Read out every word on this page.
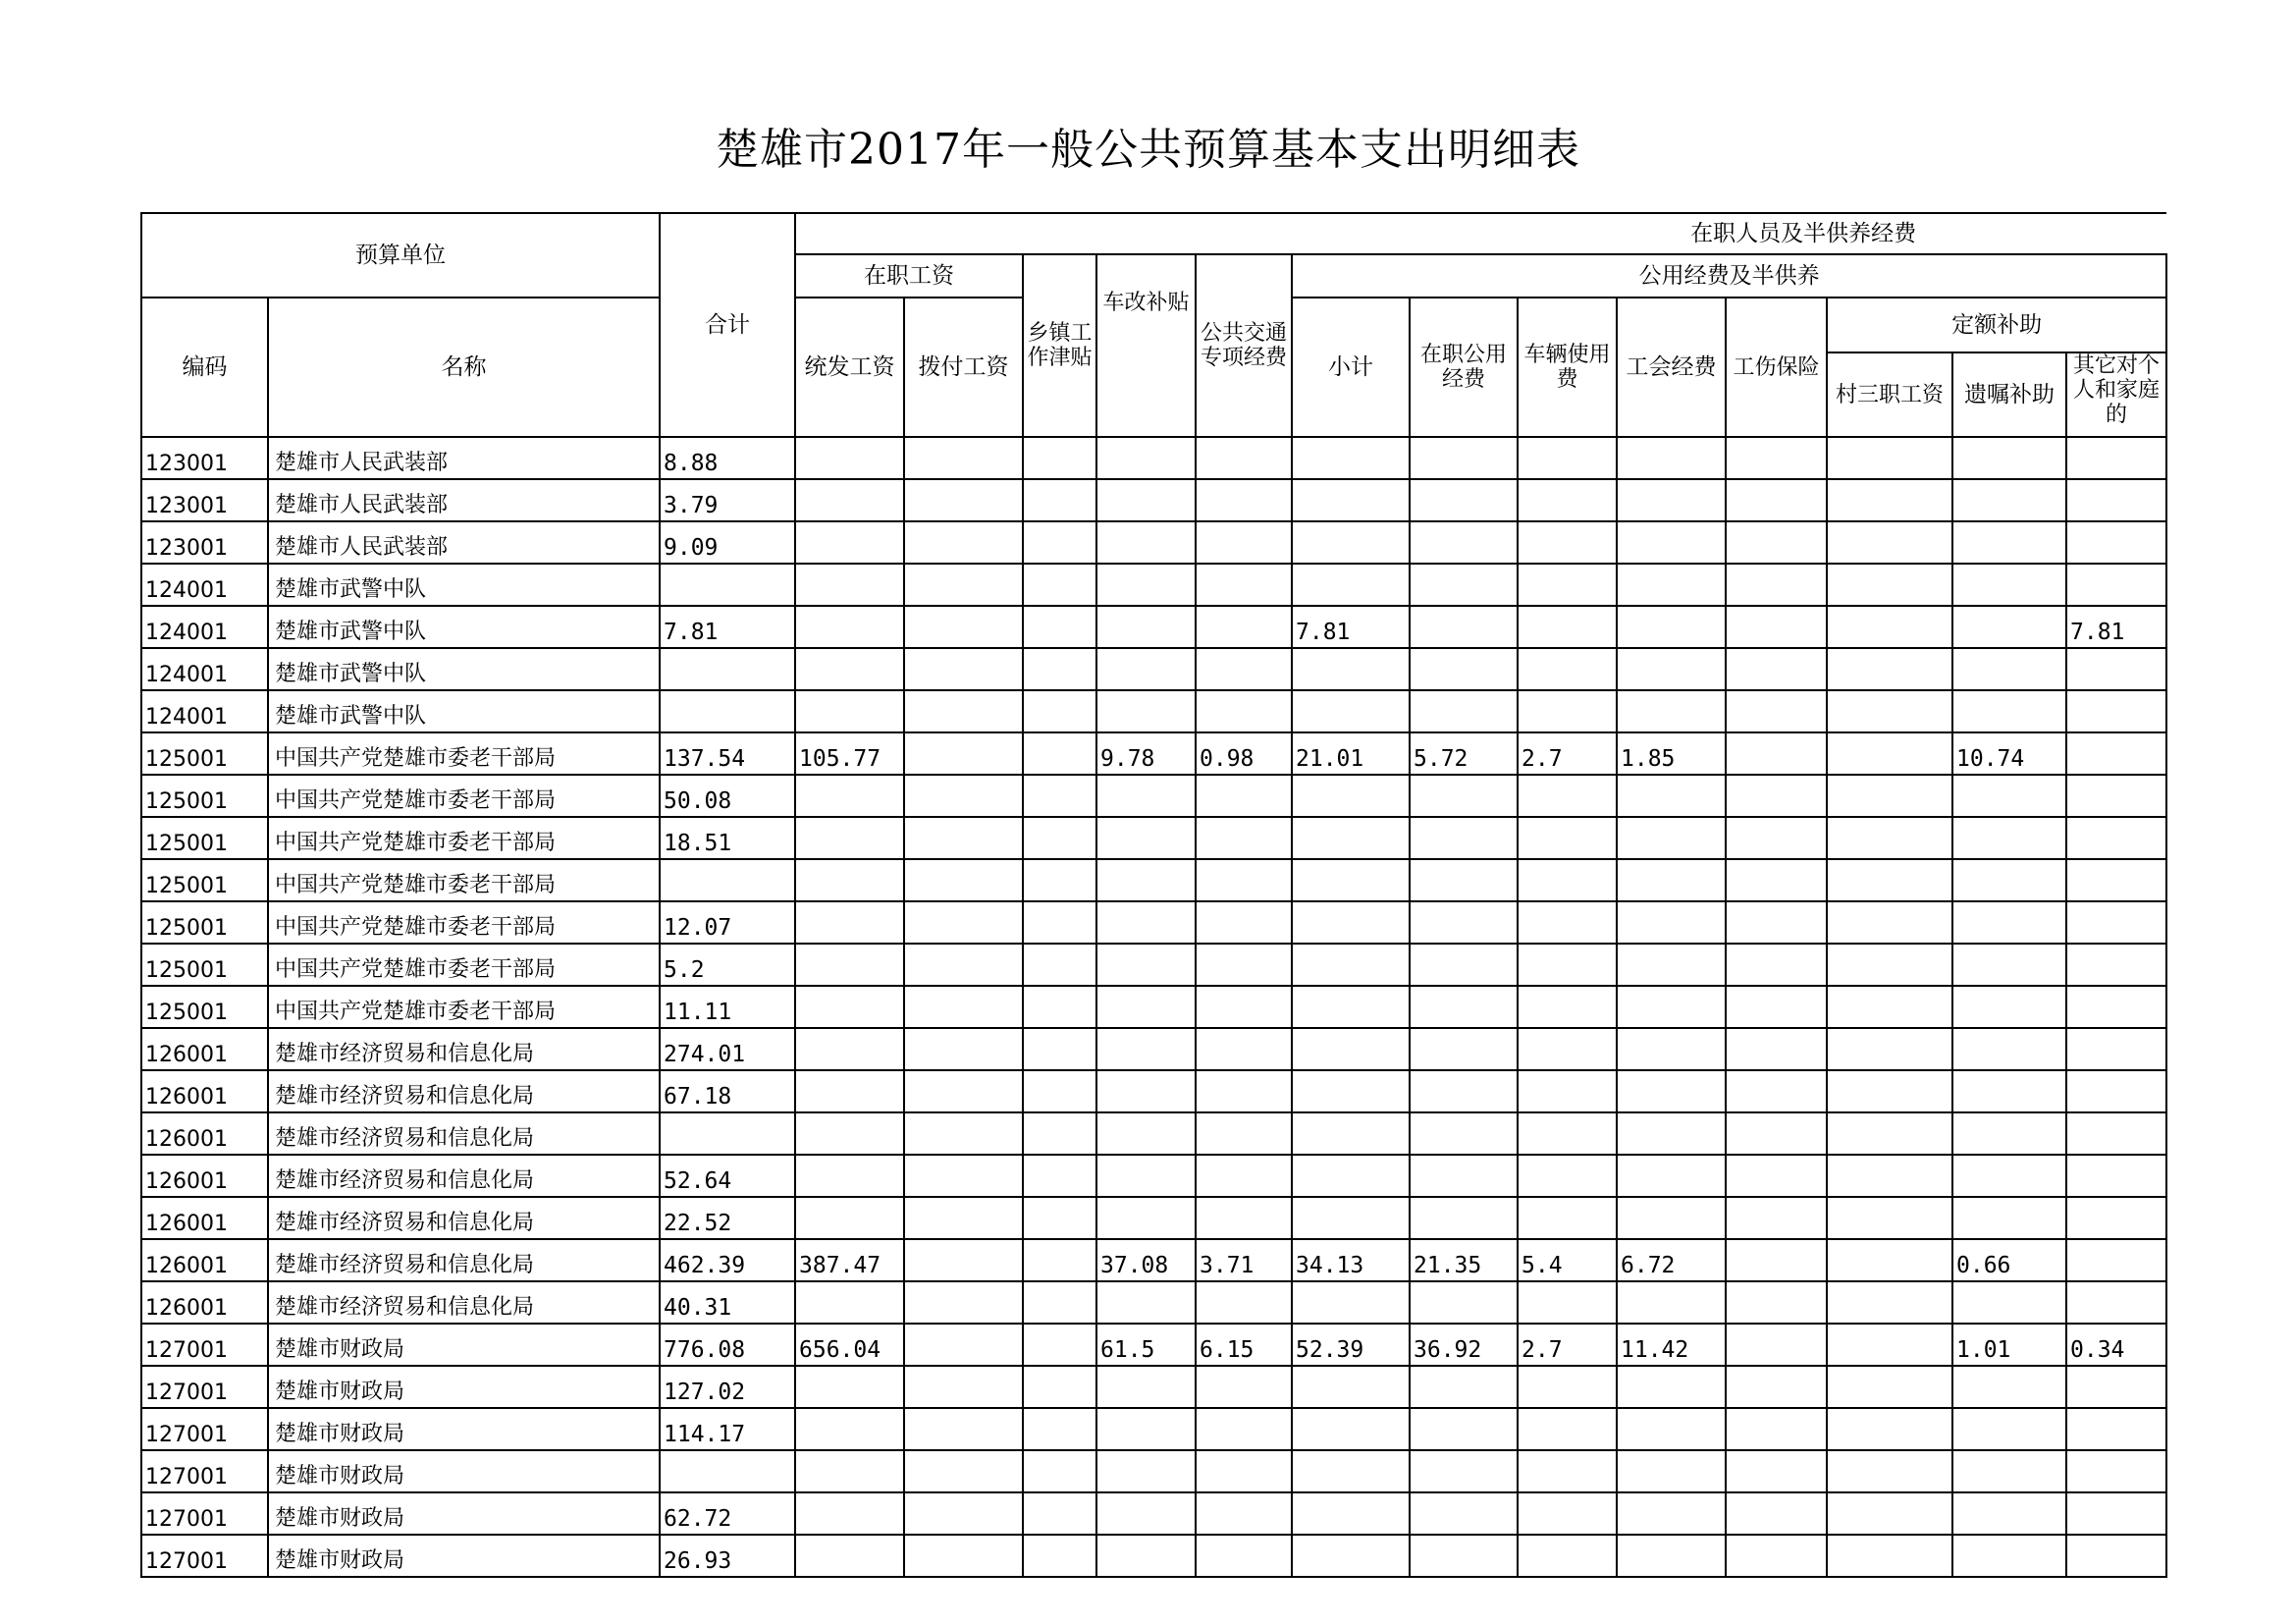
楚雄市2017年一般公共预算基本支出明细表
预算单位		合计	在职人员及半供养经费												
			在职工资		乡镇工作津贴	车改补贴	公共交通专项经费	公用经费及半供养							
编码	名称		统发工资	拨付工资				小计	在职公用经费	车辆使用费	工会经费	工伤保险	定额补助		
													村三职工资	遗嘱补助	其它对个人和家庭的
123001	楚雄市人民武装部	8.88													
123001	楚雄市人民武装部	3.79													
123001	楚雄市人民武装部	9.09													
124001	楚雄市武警中队														
124001	楚雄市武警中队	7.81						7.81							7.81
124001	楚雄市武警中队														
124001	楚雄市武警中队														
125001	中国共产党楚雄市委老干部局	137.54	105.77			9.78	0.98	21.01	5.72	2.7	1.85			10.74	
125001	中国共产党楚雄市委老干部局	50.08													
125001	中国共产党楚雄市委老干部局	18.51													
125001	中国共产党楚雄市委老干部局														
125001	中国共产党楚雄市委老干部局	12.07													
125001	中国共产党楚雄市委老干部局	5.2													
125001	中国共产党楚雄市委老干部局	11.11													
126001	楚雄市经济贸易和信息化局	274.01													
126001	楚雄市经济贸易和信息化局	67.18													
126001	楚雄市经济贸易和信息化局														
126001	楚雄市经济贸易和信息化局	52.64													
126001	楚雄市经济贸易和信息化局	22.52													
126001	楚雄市经济贸易和信息化局	462.39	387.47			37.08	3.71	34.13	21.35	5.4	6.72			0.66	
126001	楚雄市经济贸易和信息化局	40.31													
127001	楚雄市财政局	776.08	656.04			61.5	6.15	52.39	36.92	2.7	11.42			1.01	0.34
127001	楚雄市财政局	127.02													
127001	楚雄市财政局	114.17													
127001	楚雄市财政局														
127001	楚雄市财政局	62.72													
127001	楚雄市财政局	26.93													
